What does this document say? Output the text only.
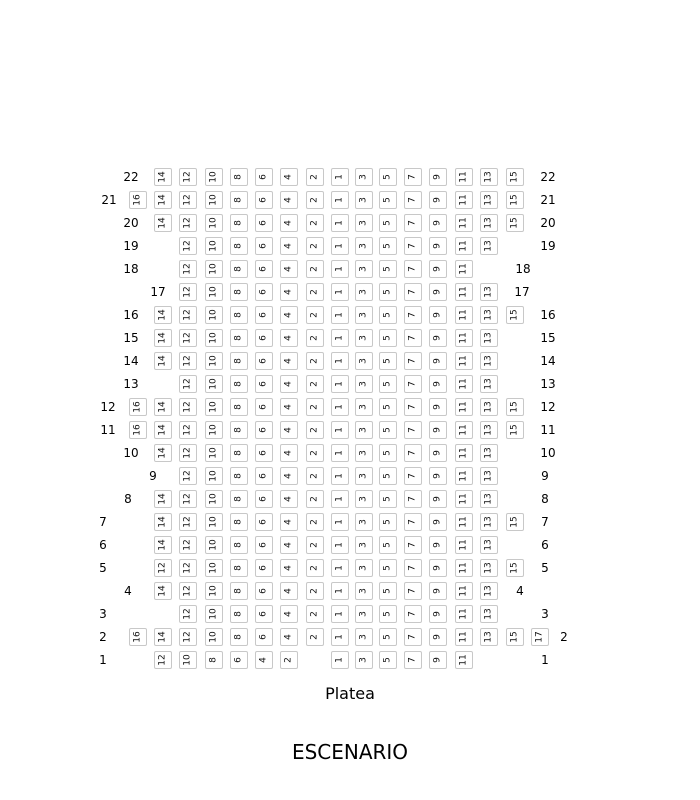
22	14 12 10 8 6 4 2 1 3 5 7 9 11 13 15	22
21	16 14 12 10 8 6 4 2 1 3 5 7 9 11 13 15	21
20	14 12 10 8 6 4 2 1 3 5 7 9 11 13 15	20
19	12 10 8 6 4 2 1 3 5 7 9 11 13	19
18	12 10 8 6 4 2 1 3 5 7 9 11	18
17	12 10 8 6 4 2 1 3 5 7 9 11 13	17
16	14 12 10 8 6 4 2 1 3 5 7 9 11 13 15	16
15	14 12 10 8 6 4 2 1 3 5 7 9 11 13	15
14	14 12 10 8 6 4 2 1 3 5 7 9 11 13	14
13	12 10 8 6 4 2 1 3 5 7 9 11 13	13
12	16 14 12 10 8 6 4 2 1 3 5 7 9 11 13 15	12
11	16 14 12 10 8 6 4 2 1 3 5 7 9 11 13 15	11
10	14 12 10 8 6 4 2 1 3 5 7 9 11 13	10
9	12 10 8 6 4 2 1 3 5 7 9 11 13	9
8	14 12 10 8 6 4 2 1 3 5 7 9 11 13	8
7	14 12 10 8 6 4 2 1 3 5 7 9 11 13 15	7
6	14 12 10 8 6 4 2 1 3 5 7 9 11 13	6
5	12 12 10 8 6 4 2 1 3 5 7 9 11 13 15	5
4	14 12 10 8 6 4 2 1 3 5 7 9 11 13	4
3	12 10 8 6 4 2 1 3 5 7 9 11 13	3
2	16 14 12 10 8 6 4 2 1 3 5 7 9 11 13 15 17	2
1	12 10 8 6 4 2	1 3 5 7 9 11	1
Platea
ESCENARIO
